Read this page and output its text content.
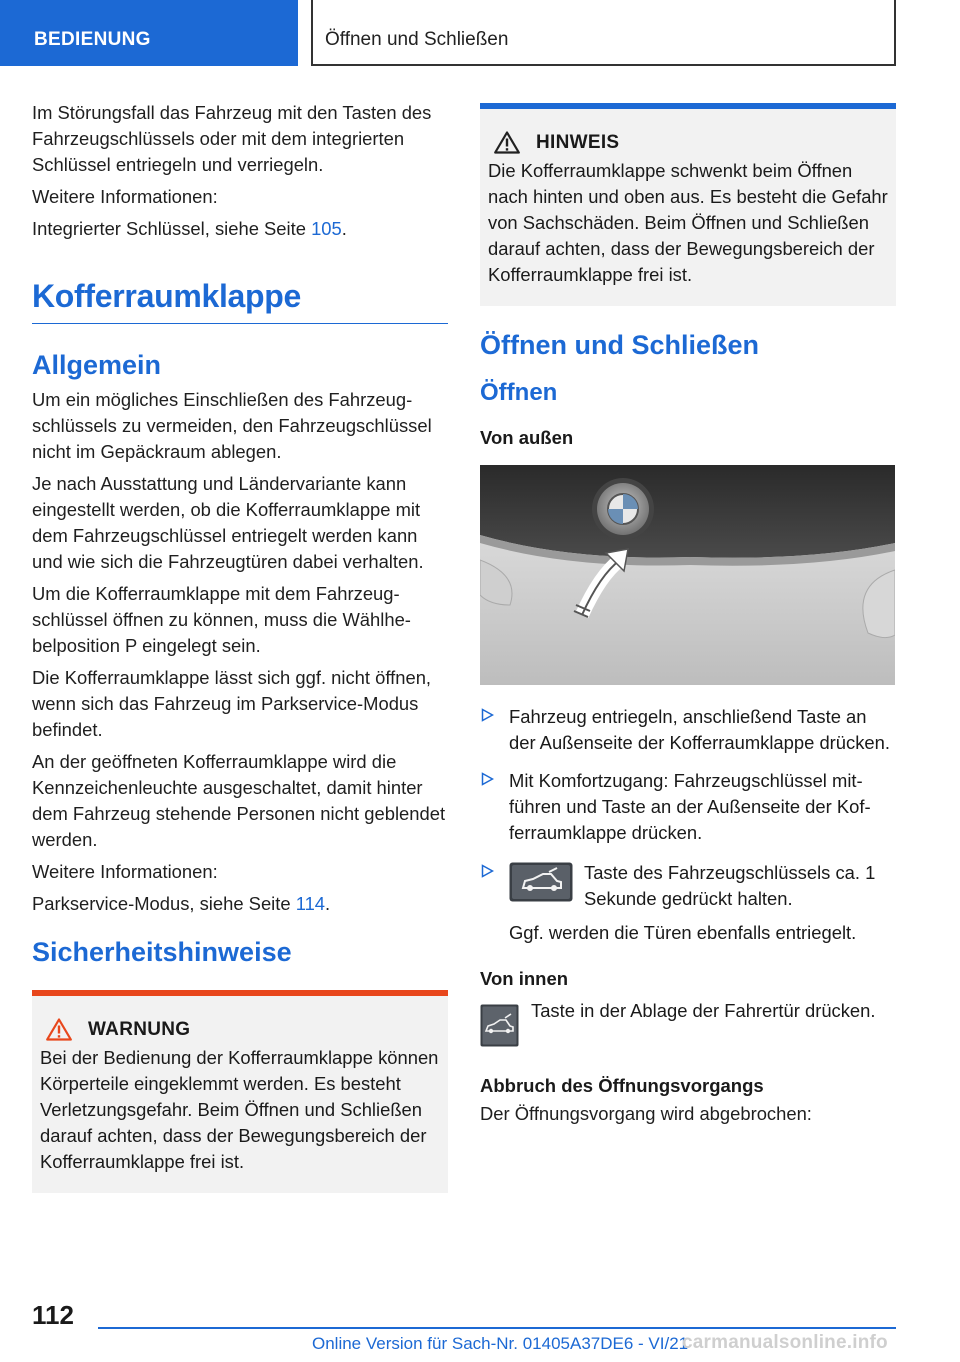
BEDIENUNG	Öffnen und Schließen

Im Störungsfall das Fahrzeug mit den Tasten des Fahrzeugschlüssels oder mit dem integrierten Schlüssel entriegeln und verriegeln.

Weitere Informationen:

Integrierter Schlüssel, siehe Seite 105.

Kofferraumklappe
Allgemein

Um ein mögliches Einschließen des Fahrzeugschlüssels zu vermeiden, den Fahrzeugschlüssel nicht im Gepäckraum ablegen.

Je nach Ausstattung und Ländervariante kann eingestellt werden, ob die Kofferraumklappe mit dem Fahrzeugschlüssel entriegelt werden kann und wie sich die Fahrzeugtüren dabei verhalten.

Um die Kofferraumklappe mit dem Fahrzeugschlüssel öffnen zu können, muss die Wählhebelposition P eingelegt sein.

Die Kofferraumklappe lässt sich ggf. nicht öffnen, wenn sich das Fahrzeug im Parkservice-Modus befindet.

An der geöffneten Kofferraumklappe wird die Kennzeichenleuchte ausgeschaltet, damit hinter dem Fahrzeug stehende Personen nicht geblendet werden.

Weitere Informationen:

Parkservice-Modus, siehe Seite 114.

Sicherheitshinweise
WARNUNG

Bei der Bedienung der Kofferraumklappe können Körperteile eingeklemmt werden. Es besteht Verletzungsgefahr. Beim Öffnen und Schließen darauf achten, dass der Bewegungsbereich der Kofferraumklappe frei ist.

HINWEIS

Die Kofferraumklappe schwenkt beim Öffnen nach hinten und oben aus. Es besteht die Gefahr von Sachschäden. Beim Öffnen und Schließen darauf achten, dass der Bewegungsbereich der Kofferraumklappe frei ist.

Öffnen und Schließen
Öffnen
Von außen
Fahrzeug entriegeln, anschließend Taste an der Außenseite der Kofferraumklappe drücken.
Mit Komfortzugang: Fahrzeugschlüssel mitführen und Taste an der Außenseite der Kofferraumklappe drücken.
Taste des Fahrzeugschlüssels ca. 1 Sekunde gedrückt halten.
Ggf. werden die Türen ebenfalls entriegelt.
Von innen
Taste in der Ablage der Fahrertür drücken.
Abbruch des Öffnungsvorgangs

Der Öffnungsvorgang wird abgebrochen:

112
Online Version für Sach-Nr. 01405A37DE6 - VI/21
carmanualsonline.info
